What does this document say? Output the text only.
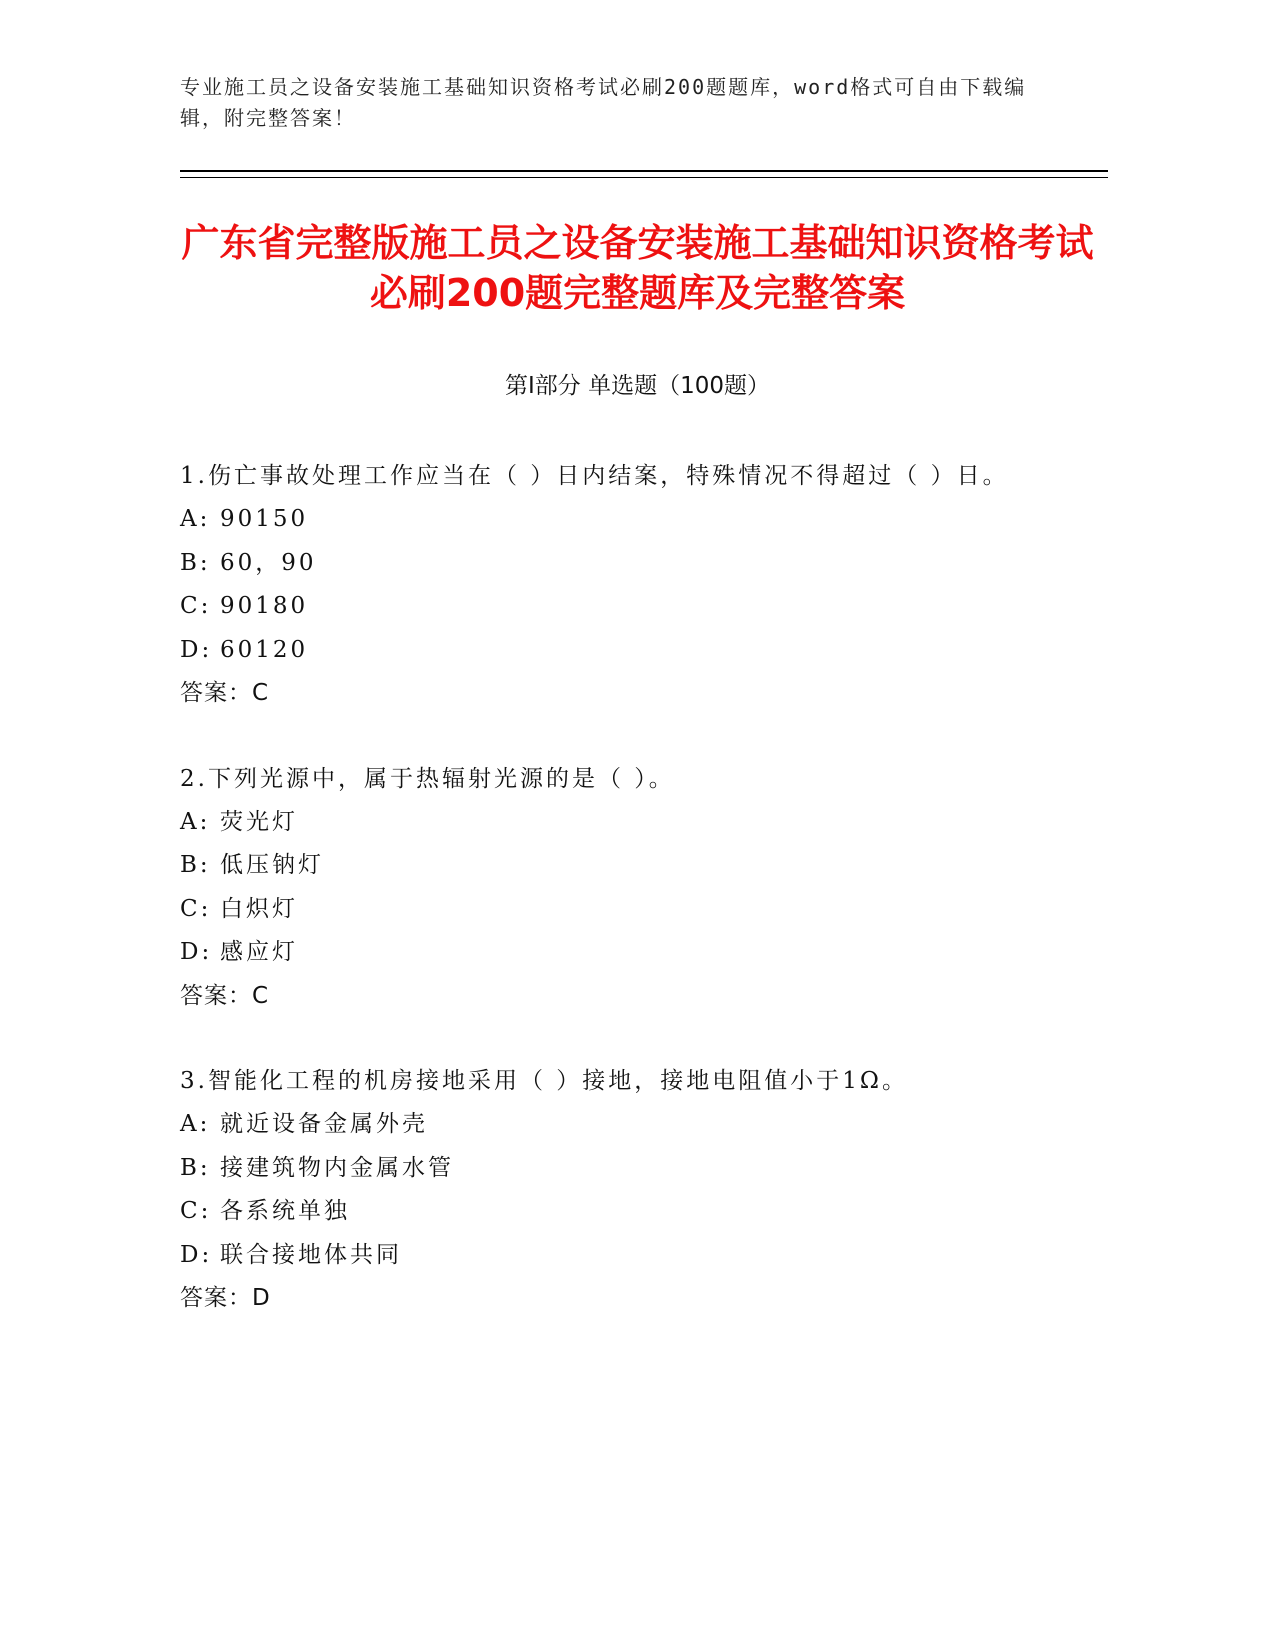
专业施工员之设备安装施工基础知识资格考试必刷200题题库，word格式可自由下载编辑，附完整答案！
广东省完整版施工员之设备安装施工基础知识资格考试必刷200题完整题库及完整答案
第Ⅰ部分 单选题（100题）

1.伤亡事故处理工作应当在（ ）日内结案，特殊情况不得超过（ ）日。

A: 90150
B: 60，90
C: 90180
D: 60120
答案：C

2.下列光源中，属于热辐射光源的是（ ）。

A: 荧光灯
B: 低压钠灯
C: 白炽灯
D: 感应灯
答案：C

3.智能化工程的机房接地采用（ ）接地，接地电阻值小于1Ω。

A: 就近设备金属外壳
B: 接建筑物内金属水管
C: 各系统单独
D: 联合接地体共同
答案：D
